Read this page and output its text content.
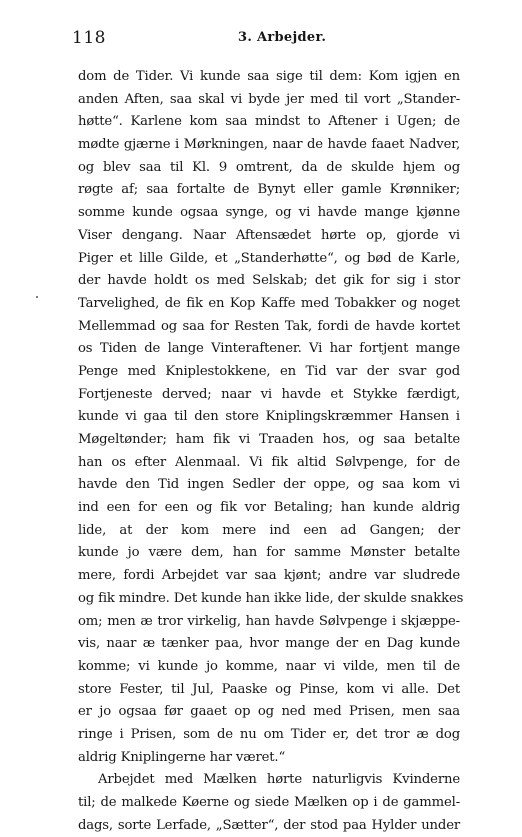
118	3. Arbejder.
dom de Tider. Vi kunde saa sige til dem: Kom igjen en
anden Aften, saa skal vi byde jer med til vort „Stander-
høtte“. Karlene kom saa mindst to Aftener i Ugen; de
mødte gjærne i Mørkningen, naar de havde faaet Nadver,
og blev saa til Kl. 9 omtrent, da de skulde hjem og
røgte af; saa fortalte de Bynyt eller gamle Krønniker;
somme kunde ogsaa synge, og vi havde mange kjønne
Viser dengang. Naar Aftensædet hørte op, gjorde vi
Piger et lille Gilde, et „Standerhøtte“, og bød de Karle,
der havde holdt os med Selskab; det gik for sig i stor
Tarvelighed, de fik en Kop Kaffe med Tobakker og noget
Mellemmad og saa for Resten Tak, fordi de havde kortet
os Tiden de lange Vinteraftener. Vi har fortjent mange
Penge med Kniplestokkene, en Tid var der svar god
Fortjeneste derved; naar vi havde et Stykke færdigt,
kunde vi gaa til den store Kniplingskræmmer Hansen i
Møgeltønder; ham fik vi Traaden hos, og saa betalte
han os efter Alenmaal. Vi fik altid Sølvpenge, for de
havde den Tid ingen Sedler der oppe, og saa kom vi
ind een for een og fik vor Betaling; han kunde aldrig
lide, at der kom mere ind een ad Gangen; der
kunde jo være dem, han for samme Mønster betalte
mere, fordi Arbejdet var saa kjønt; andre var sludrede
og fik mindre. Det kunde han ikke lide, der skulde snakkes
om; men æ tror virkelig, han havde Sølvpenge i skjæppe-
vis, naar æ tænker paa, hvor mange der en Dag kunde
komme; vi kunde jo komme, naar vi vilde, men til de
store Fester, til Jul, Paaske og Pinse, kom vi alle. Det
er jo ogsaa før gaaet op og ned med Prisen, men saa
ringe i Prisen, som de nu om Tider er, det tror æ dog
aldrig Kniplingerne har været.“
Arbejdet med Mælken hørte naturligvis Kvinderne
til; de malkede Køerne og siede Mælken op i de gammel-
dags, sorte Lerfade, „Sætter“, der stod paa Hylder under
